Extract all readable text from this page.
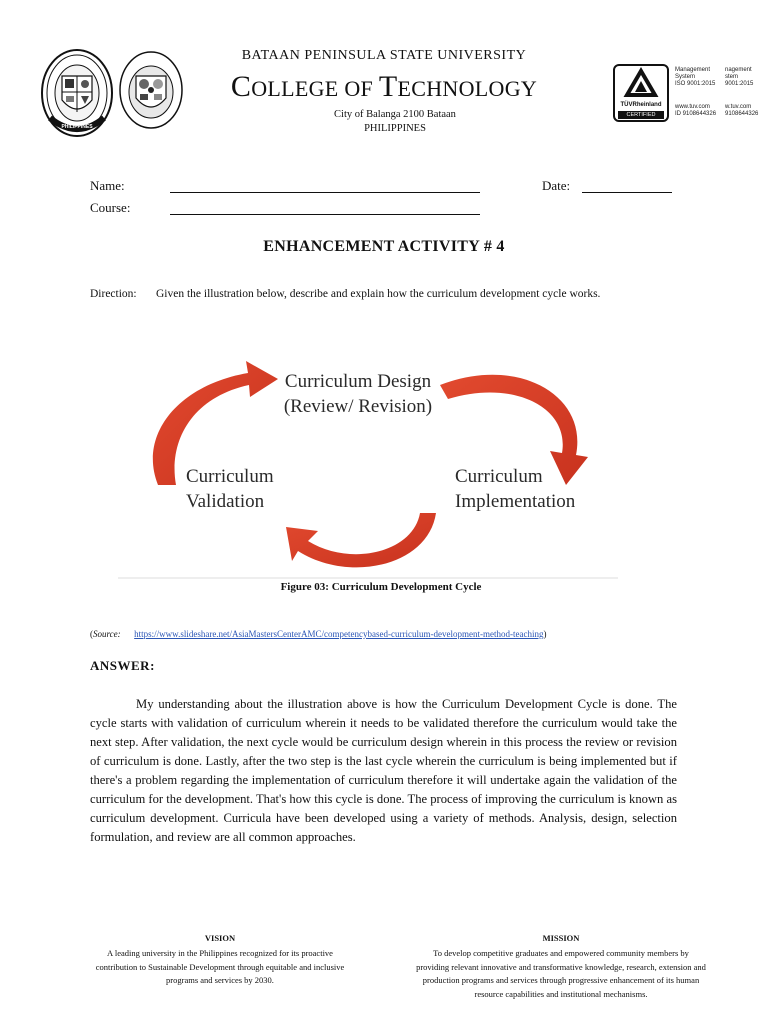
PHILIPPINES
BATAAN PENINSULA STATE UNIVERSITY
COLLEGE OF TECHNOLOGY
City of Balanga 2100 Bataan
PHILIPPINES
TÜVRheinland
CERTIFIED
Management
System
ISO 9001:2015
www.tuv.com
ID 9108644326
nagement
stem
9001:2015
w.tuv.com
9108644326
Name:
Course:
Date:
ENHANCEMENT ACTIVITY # 4
Direction: Given the illustration below, describe and explain how the curriculum development cycle works.
Curriculum Design
(Review/ Revision)
Curriculum
Validation
Curriculum
Implementation
Figure 03: Curriculum Development Cycle
(Source: https://www.slideshare.net/AsiaMastersCenterAMC/competencybased-curriculum-development-method-teaching)
ANSWER:
My understanding about the illustration above is how the Curriculum Development Cycle is done. The cycle starts with validation of curriculum wherein it needs to be validated therefore the curriculum would take the next step. After validation, the next cycle would be curriculum design wherein in this process the review or revision of curriculum is done. Lastly, after the two step is the last cycle wherein the curriculum is being implemented but if there's a problem regarding the implementation of curriculum therefore it will undertake again the validation of the curriculum for the development. That's how this cycle is done. The process of improving the curriculum is known as curriculum development. Curricula have been developed using a variety of methods. Analysis, design, selection formulation, and review are all common approaches.
VISION
A leading university in the Philippines recognized for its proactive contribution to Sustainable Development through equitable and inclusive programs and services by 2030.
MISSION
To develop competitive graduates and empowered community members by providing relevant innovative and transformative knowledge, research, extension and production programs and services through progressive enhancement of its human resource capabilities and institutional mechanisms.
